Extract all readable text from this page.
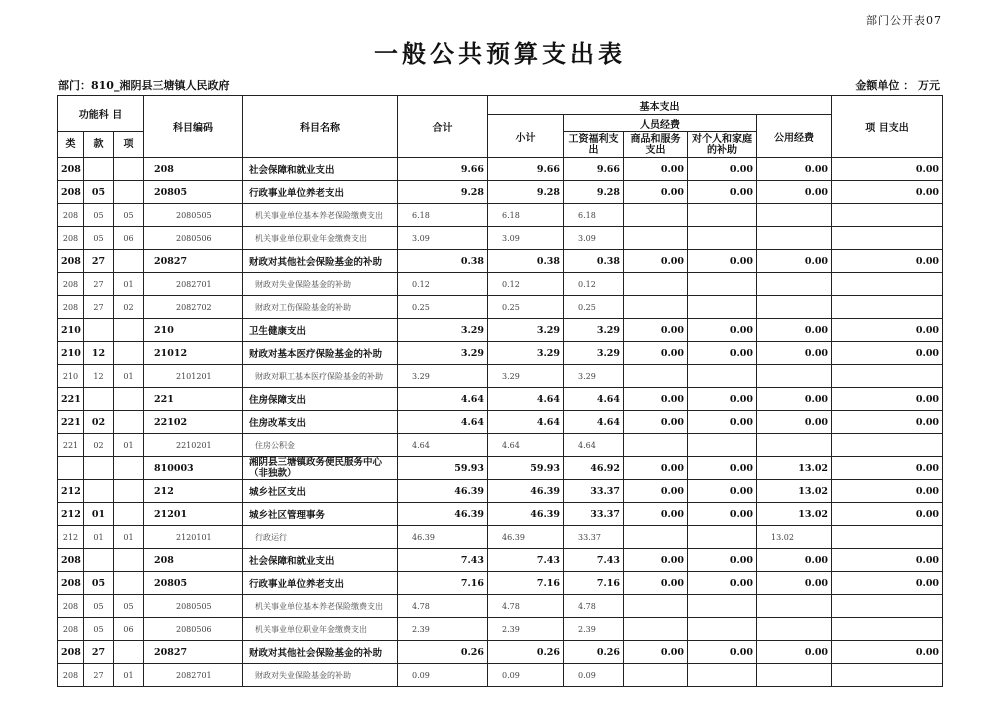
部门公开表07
一般公共预算支出表
部门：810_湘阴县三塘镇人民政府	金额单位 ： 万元
功能科 目			科目编码	科目名称	合计	基本支出					项 目支出
						小计	人员经费			公用经费	
类	款	项					工资福利支出	商品和服务支出	对个人和家庭的补助		
208			208	社会保障和就业支出	9.66	9.66	9.66	0.00	0.00	0.00	0.00
208	05		20805	行政事业单位养老支出	9.28	9.28	9.28	0.00	0.00	0.00	0.00
208	05	05	2080505	机关事业单位基本养老保险缴费支出	6.18	6.18	6.18				
208	05	06	2080506	机关事业单位职业年金缴费支出	3.09	3.09	3.09				
208	27		20827	财政对其他社会保险基金的补助	0.38	0.38	0.38	0.00	0.00	0.00	0.00
208	27	01	2082701	财政对失业保险基金的补助	0.12	0.12	0.12				
208	27	02	2082702	财政对工伤保险基金的补助	0.25	0.25	0.25				
210			210	卫生健康支出	3.29	3.29	3.29	0.00	0.00	0.00	0.00
210	12		21012	财政对基本医疗保险基金的补助	3.29	3.29	3.29	0.00	0.00	0.00	0.00
210	12	01	2101201	财政对职工基本医疗保险基金的补助	3.29	3.29	3.29				
221			221	住房保障支出	4.64	4.64	4.64	0.00	0.00	0.00	0.00
221	02		22102	住房改革支出	4.64	4.64	4.64	0.00	0.00	0.00	0.00
221	02	01	2210201	住房公积金	4.64	4.64	4.64				
			810003	湘阴县三塘镇政务便民服务中心（非独款）	59.93	59.93	46.92	0.00	0.00	13.02	0.00
212			212	城乡社区支出	46.39	46.39	33.37	0.00	0.00	13.02	0.00
212	01		21201	城乡社区管理事务	46.39	46.39	33.37	0.00	0.00	13.02	0.00
212	01	01	2120101	行政运行	46.39	46.39	33.37			13.02	
208			208	社会保障和就业支出	7.43	7.43	7.43	0.00	0.00	0.00	0.00
208	05		20805	行政事业单位养老支出	7.16	7.16	7.16	0.00	0.00	0.00	0.00
208	05	05	2080505	机关事业单位基本养老保险缴费支出	4.78	4.78	4.78				
208	05	06	2080506	机关事业单位职业年金缴费支出	2.39	2.39	2.39				
208	27		20827	财政对其他社会保险基金的补助	0.26	0.26	0.26	0.00	0.00	0.00	0.00
208	27	01	2082701	财政对失业保险基金的补助	0.09	0.09	0.09				
